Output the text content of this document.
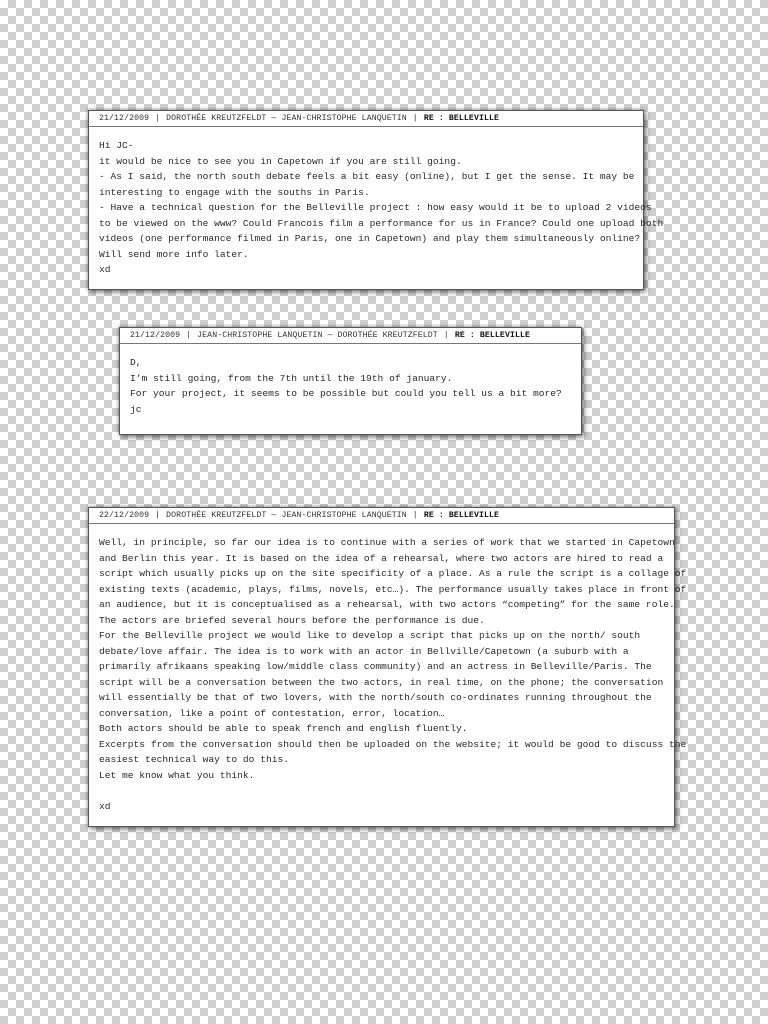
21/12/2009 | DOROTHÉE KREUTZFELDT — JEAN-CHRISTOPHE LANQUETIN | RE : BELLEVILLE
Hi JC-
it would be nice to see you in Capetown if you are still going.
- As I said, the north south debate feels a bit easy (online), but I get the sense. It may be
interesting to engage with the souths in Paris.
- Have a technical question for the Belleville project : how easy would it be to upload 2 videos
to be viewed on the www? Could Francois film a performance for us in France? Could one upload both
videos (one performance filmed in Paris, one in Capetown) and play them simultaneously online?
Will send more info later.
xd
21/12/2009 | JEAN-CHRISTOPHE LANQUETIN — DOROTHÉE KREUTZFELDT | RE : BELLEVILLE
D,
I’m still going, from the 7th until the 19th of january.
For your project, it seems to be possible but could you tell us a bit more?
jc
22/12/2009 | DOROTHÉE KREUTZFELDT — JEAN-CHRISTOPHE LANQUETIN | RE : BELLEVILLE
Well, in principle, so far our idea is to continue with a series of work that we started in Capetown
and Berlin this year. It is based on the idea of a rehearsal, where two actors are hired to read a
script which usually picks up on the site specificity of a place. As a rule the script is a collage of
existing texts (academic, plays, films, novels, etc…). The performance usually takes place in front of
an audience, but it is conceptualised as a rehearsal, with two actors “competing” for the same role.
The actors are briefed several hours before the performance is due.
For the Belleville project we would like to develop a script that picks up on the north/ south
debate/love affair. The idea is to work with an actor in Bellville/Capetown (a suburb with a
primarily afrikaans speaking low/middle class community) and an actress in Belleville/Paris. The
script will be a conversation between the two actors, in real time, on the phone; the conversation
will essentially be that of two lovers, with the north/south co-ordinates running throughout the
conversation, like a point of contestation, error, location…
Both actors should be able to speak french and english fluently.
Excerpts from the conversation should then be uploaded on the website; it would be good to discuss the
easiest technical way to do this.
Let me know what you think.
xd
